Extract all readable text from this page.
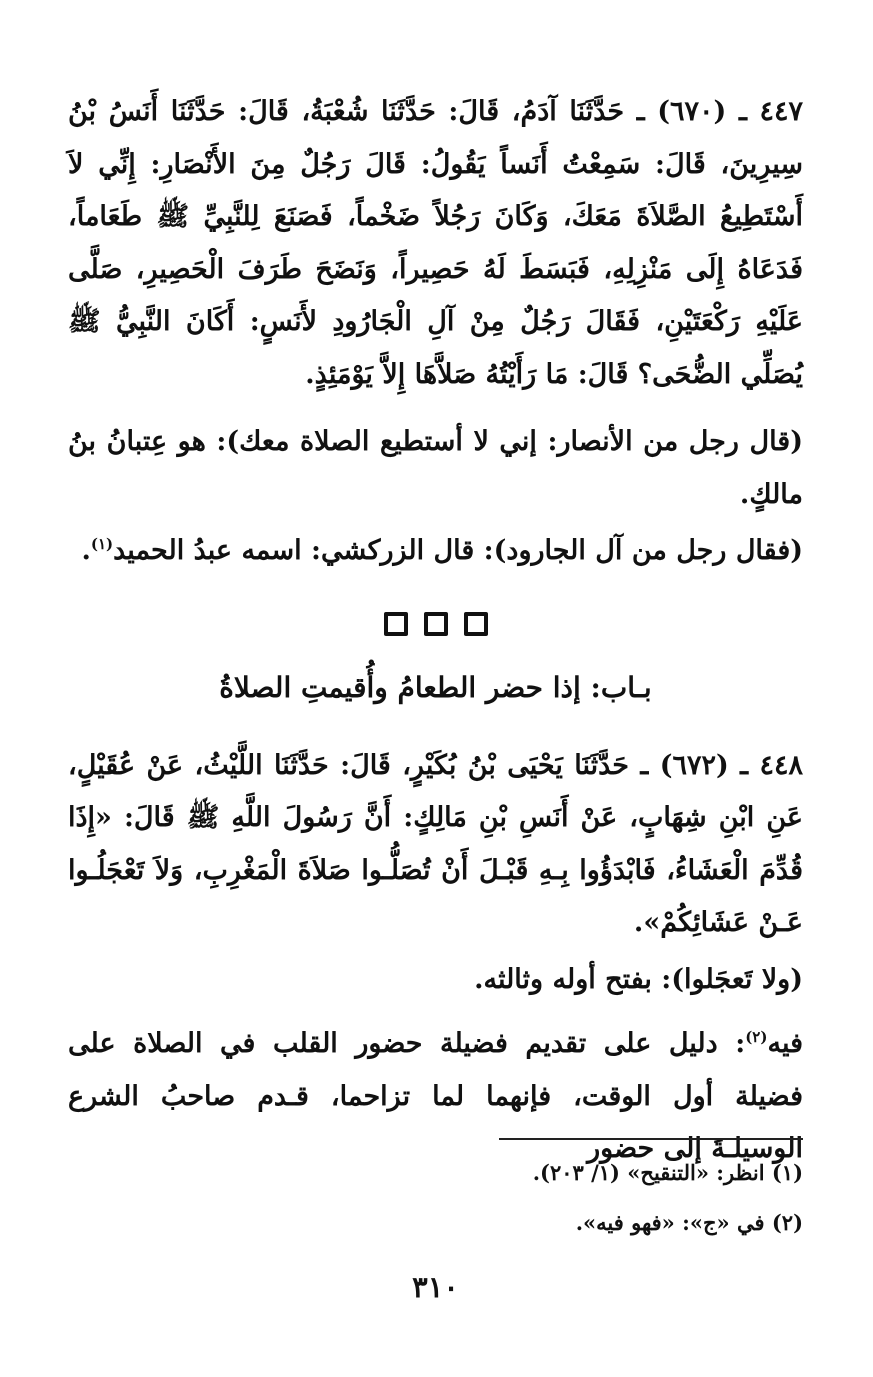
٤٤٧ ـ (٦٧٠) ـ حَدَّثَنَا آدَمُ، قَالَ: حَدَّثَنَا شُعْبَةُ، قَالَ: حَدَّثَنَا أَنَسُ بْنُ سِيرِينَ، قَالَ: سَمِعْتُ أَنَساً يَقُولُ: قَالَ رَجُلٌ مِنَ الأَنْصَارِ: إِنِّي لاَ أَسْتَطِيعُ الصَّلاَةَ مَعَكَ، وَكَانَ رَجُلاً ضَخْماً، فَصَنَعَ لِلنَّبِيِّ ﷺ طَعَاماً، فَدَعَاهُ إِلَى مَنْزِلِهِ، فَبَسَطَ لَهُ حَصِيراً، وَنَضَحَ طَرَفَ الْحَصِيرِ، صَلَّى عَلَيْهِ رَكْعَتَيْنِ، فَقَالَ رَجُلٌ مِنْ آلِ الْجَارُودِ لأَنَسٍ: أَكَانَ النَّبِيُّ ﷺ يُصَلِّي الضُّحَى؟ قَالَ: مَا رَأَيْتُهُ صَلاَّهَا إِلاَّ يَوْمَئِذٍ.

(قال رجل من الأنصار: إني لا أستطيع الصلاة معك): هو عِتبانُ بنُ مالكٍ.

(فقال رجل من آل الجارود): قال الزركشي: اسمه عبدُ الحميد$^{(١)}$.

بـاب: إذا حضر الطعامُ وأُقيمتِ الصلاةُ

٤٤٨ ـ (٦٧٢) ـ حَدَّثَنَا يَحْيَى بْنُ بُكَيْرٍ، قَالَ: حَدَّثَنَا اللَّيْثُ، عَنْ عُقَيْلٍ، عَنِ ابْنِ شِهَابٍ، عَنْ أَنَسِ بْنِ مَالِكٍ: أَنَّ رَسُولَ اللَّهِ ﷺ قَالَ: «إِذَا قُدِّمَ الْعَشَاءُ، فَابْدَؤُوا بِـهِ قَبْـلَ أَنْ تُصَلُّـوا صَلاَةَ الْمَغْرِبِ، وَلاَ تَعْجَلُـوا عَـنْ عَشَائِكُمْ».

(ولا تَعجَلوا): بفتح أوله وثالثه.

فيه$^{(٢)}$: دليل على تقديم فضيلة حضور القلب في الصلاة على فضيلة أول الوقت، فإنهما لما تزاحما، قـدم صاحبُ الشرع الوسيلـةَ إلى حضور

(١) انظر: «التنقيح» (١/ ٢٠٣).

(٢) في «ج»: «فهو فيه».

٣١٠
